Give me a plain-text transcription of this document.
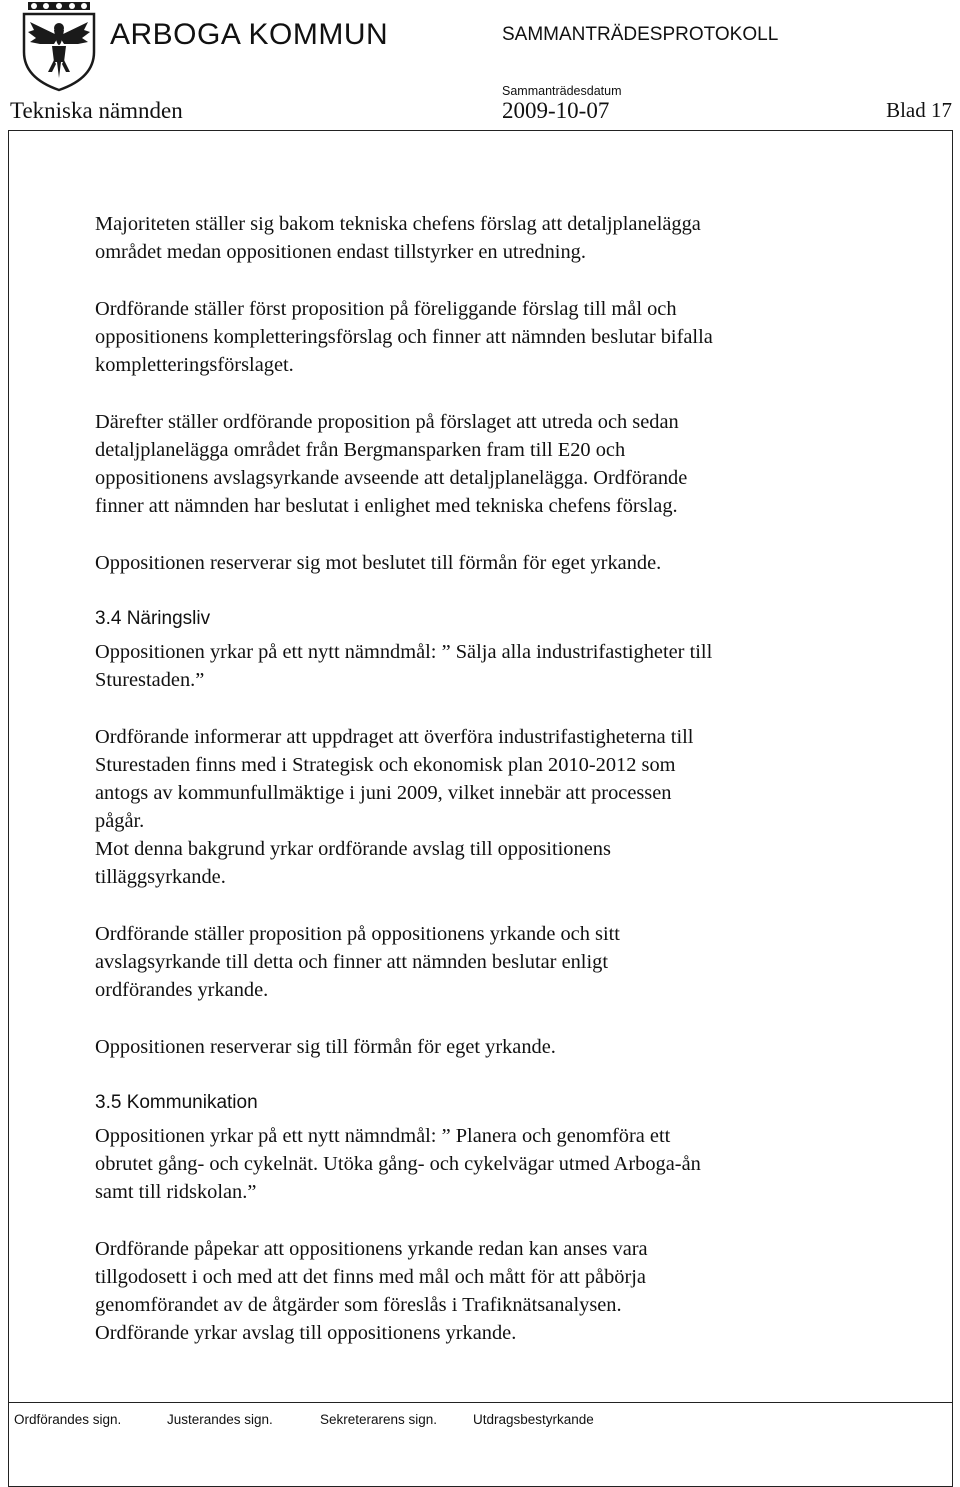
ARBOGA KOMMUN	SAMMANTRÄDESPROTOKOLL
Sammanträdesdatum
Tekniska nämnden	2009-10-07	Blad 17

Majoriteten ställer sig bakom tekniska chefens förslag att detaljplanelägga
området medan oppositionen endast tillstyrker en utredning.

Ordförande ställer först proposition på föreliggande förslag till mål och
oppositionens kompletteringsförslag och finner att nämnden beslutar bifalla
kompletteringsförslaget.

Därefter ställer ordförande proposition på förslaget att utreda och sedan
detaljplanelägga området från Bergmansparken fram till E20 och
oppositionens avslagsyrkande avseende att detaljplanelägga. Ordförande
finner att nämnden har beslutat i enlighet med tekniska chefens förslag.

Oppositionen reserverar sig mot beslutet till förmån för eget yrkande.

3.4 Näringsliv

Oppositionen yrkar på ett nytt nämndmål: ” Sälja alla industrifastigheter till
Sturestaden.”

Ordförande informerar att uppdraget att överföra industrifastigheterna till
Sturestaden finns med i Strategisk och ekonomisk plan 2010-2012 som
antogs av kommunfullmäktige i juni 2009, vilket innebär att processen
pågår.
Mot denna bakgrund yrkar ordförande avslag till oppositionens
tilläggsyrkande.

Ordförande ställer proposition på oppositionens yrkande och sitt
avslagsyrkande till detta och finner att nämnden beslutar enligt
ordförandes yrkande.

Oppositionen reserverar sig till förmån för eget yrkande.

3.5 Kommunikation

Oppositionen yrkar på ett nytt nämndmål: ” Planera och genomföra ett
obrutet gång- och cykelnät. Utöka gång- och cykelvägar utmed Arboga-ån
samt till ridskolan.”

Ordförande påpekar att oppositionens yrkande redan kan anses vara
tillgodosett i och med att det finns med mål och mått för att påbörja
genomförandet av de åtgärder som föreslås i Trafiknätsanalysen.
Ordförande yrkar avslag till oppositionens yrkande.

Ordförandes sign.	Justerandes sign.	Sekreterarens sign.	Utdragsbestyrkande
